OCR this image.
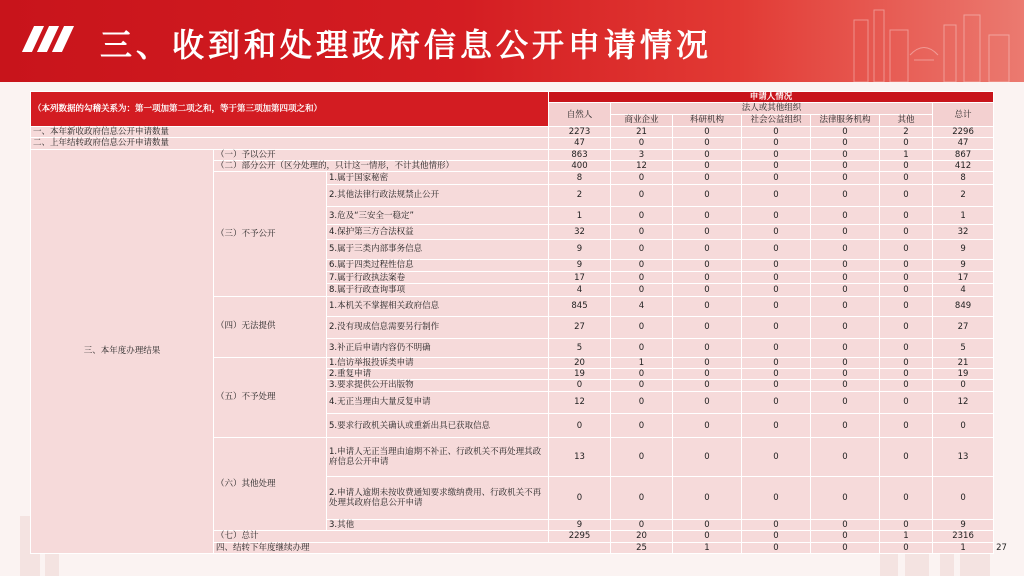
三、收到和处理政府信息公开申请情况
（本列数据的勾稽关系为：第一项加第二项之和，等于第三项加第四项之和）			申请人情况							
			自然人	法人或其他组织					总计	
				商业企业	科研机构	社会公益组织	法律服务机构	其他		
一、本年新收政府信息公开申请数量			2273	21	0	0	0	2	2296	
二、上年结转政府信息公开申请数量			47	0	0	0	0	0	47	
三、本年度办理结果	（一）予以公开		863	3	0	0	0	1	867	
	（二）部分公开（区分处理的，只计这一情形，不计其他情形）		400	12	0	0	0	0	412	
	（三）不予公开	1.属于国家秘密	8	0	0	0	0	0	8	
		2.其他法律行政法规禁止公开	2	0	0	0	0	0	2	
		3.危及“三安全一稳定”	1	0	0	0	0	0	1	
		4.保护第三方合法权益	32	0	0	0	0	0	32	
		5.属于三类内部事务信息	9	0	0	0	0	0	9	
		6.属于四类过程性信息	9	0	0	0	0	0	9	
		7.属于行政执法案卷	17	0	0	0	0	0	17	
		8.属于行政查询事项	4	0	0	0	0	0	4	
	（四）无法提供	1.本机关不掌握相关政府信息	845	4	0	0	0	0	849	
		2.没有现成信息需要另行制作	27	0	0	0	0	0	27	
		3.补正后申请内容仍不明确	5	0	0	0	0	0	5	
	（五）不予处理	1.信访举报投诉类申请	20	1	0	0	0	0	21	
		2.重复申请	19	0	0	0	0	0	19	
		3.要求提供公开出版物	0	0	0	0	0	0	0	
		4.无正当理由大量反复申请	12	0	0	0	0	0	12	
		5.要求行政机关确认或重新出具已获取信息	0	0	0	0	0	0	0	
	（六）其他处理	1.申请人无正当理由逾期不补正、行政机关不再处理其政府信息公开申请	13	0	0	0	0	0	13	
		2.申请人逾期未按收费通知要求缴纳费用、行政机关不再处理其政府信息公开申请	0	0	0	0	0	0	0	
		3.其他	9	0	0	0	0	0	9	
	（七）总计		2295	20	0	0	0	1	2316	
	四、结转下年度继续办理			25	1	0	0	0	1	27
